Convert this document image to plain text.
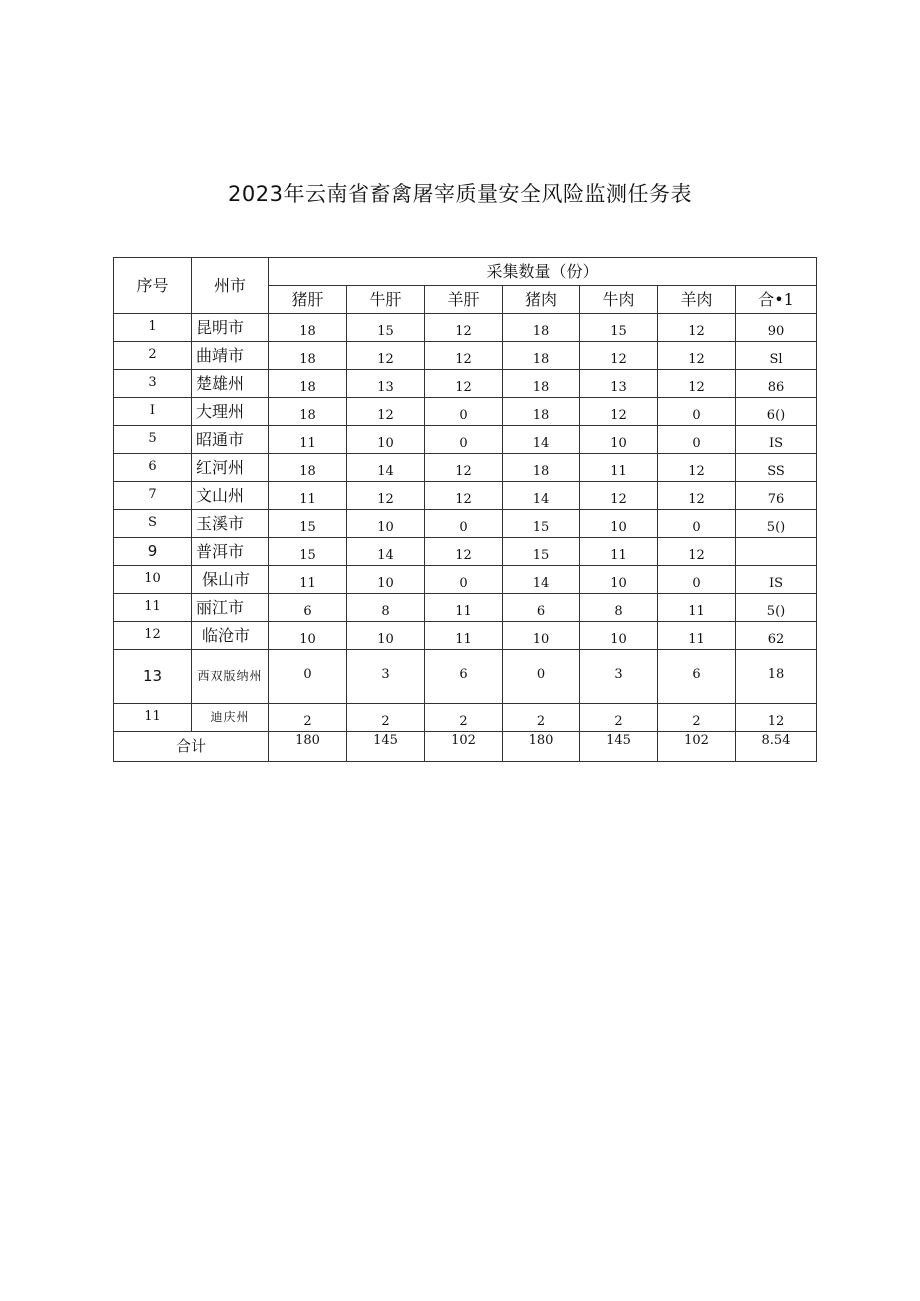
2023年云南省畜禽屠宰质量安全风险监测任务表
序号	州市	采集数量（份）						
		猪肝	牛肝	羊肝	猪肉	牛肉	羊肉	合•1
1	昆明市	18	15	12	18	15	12	90
2	曲靖市	18	12	12	18	12	12	Sl
3	楚雄州	18	13	12	18	13	12	86
I	大理州	18	12	0	18	12	0	6()
5	昭通市	11	10	0	14	10	0	IS
6	红河州	18	14	12	18	11	12	SS
7	文山州	11	12	12	14	12	12	76
S	玉溪市	15	10	0	15	10	0	5()
9	普洱市	15	14	12	15	11	12	
10	保山市	11	10	0	14	10	0	IS
11	丽江市	6	8	11	6	8	11	5()
12	临沧市	10	10	11	10	10	11	62
13	西双版纳州	0	3	6	0	3	6	18
11	迪庆州	2	2	2	2	2	2	12
合计		180	145	102	180	145	102	8.54
